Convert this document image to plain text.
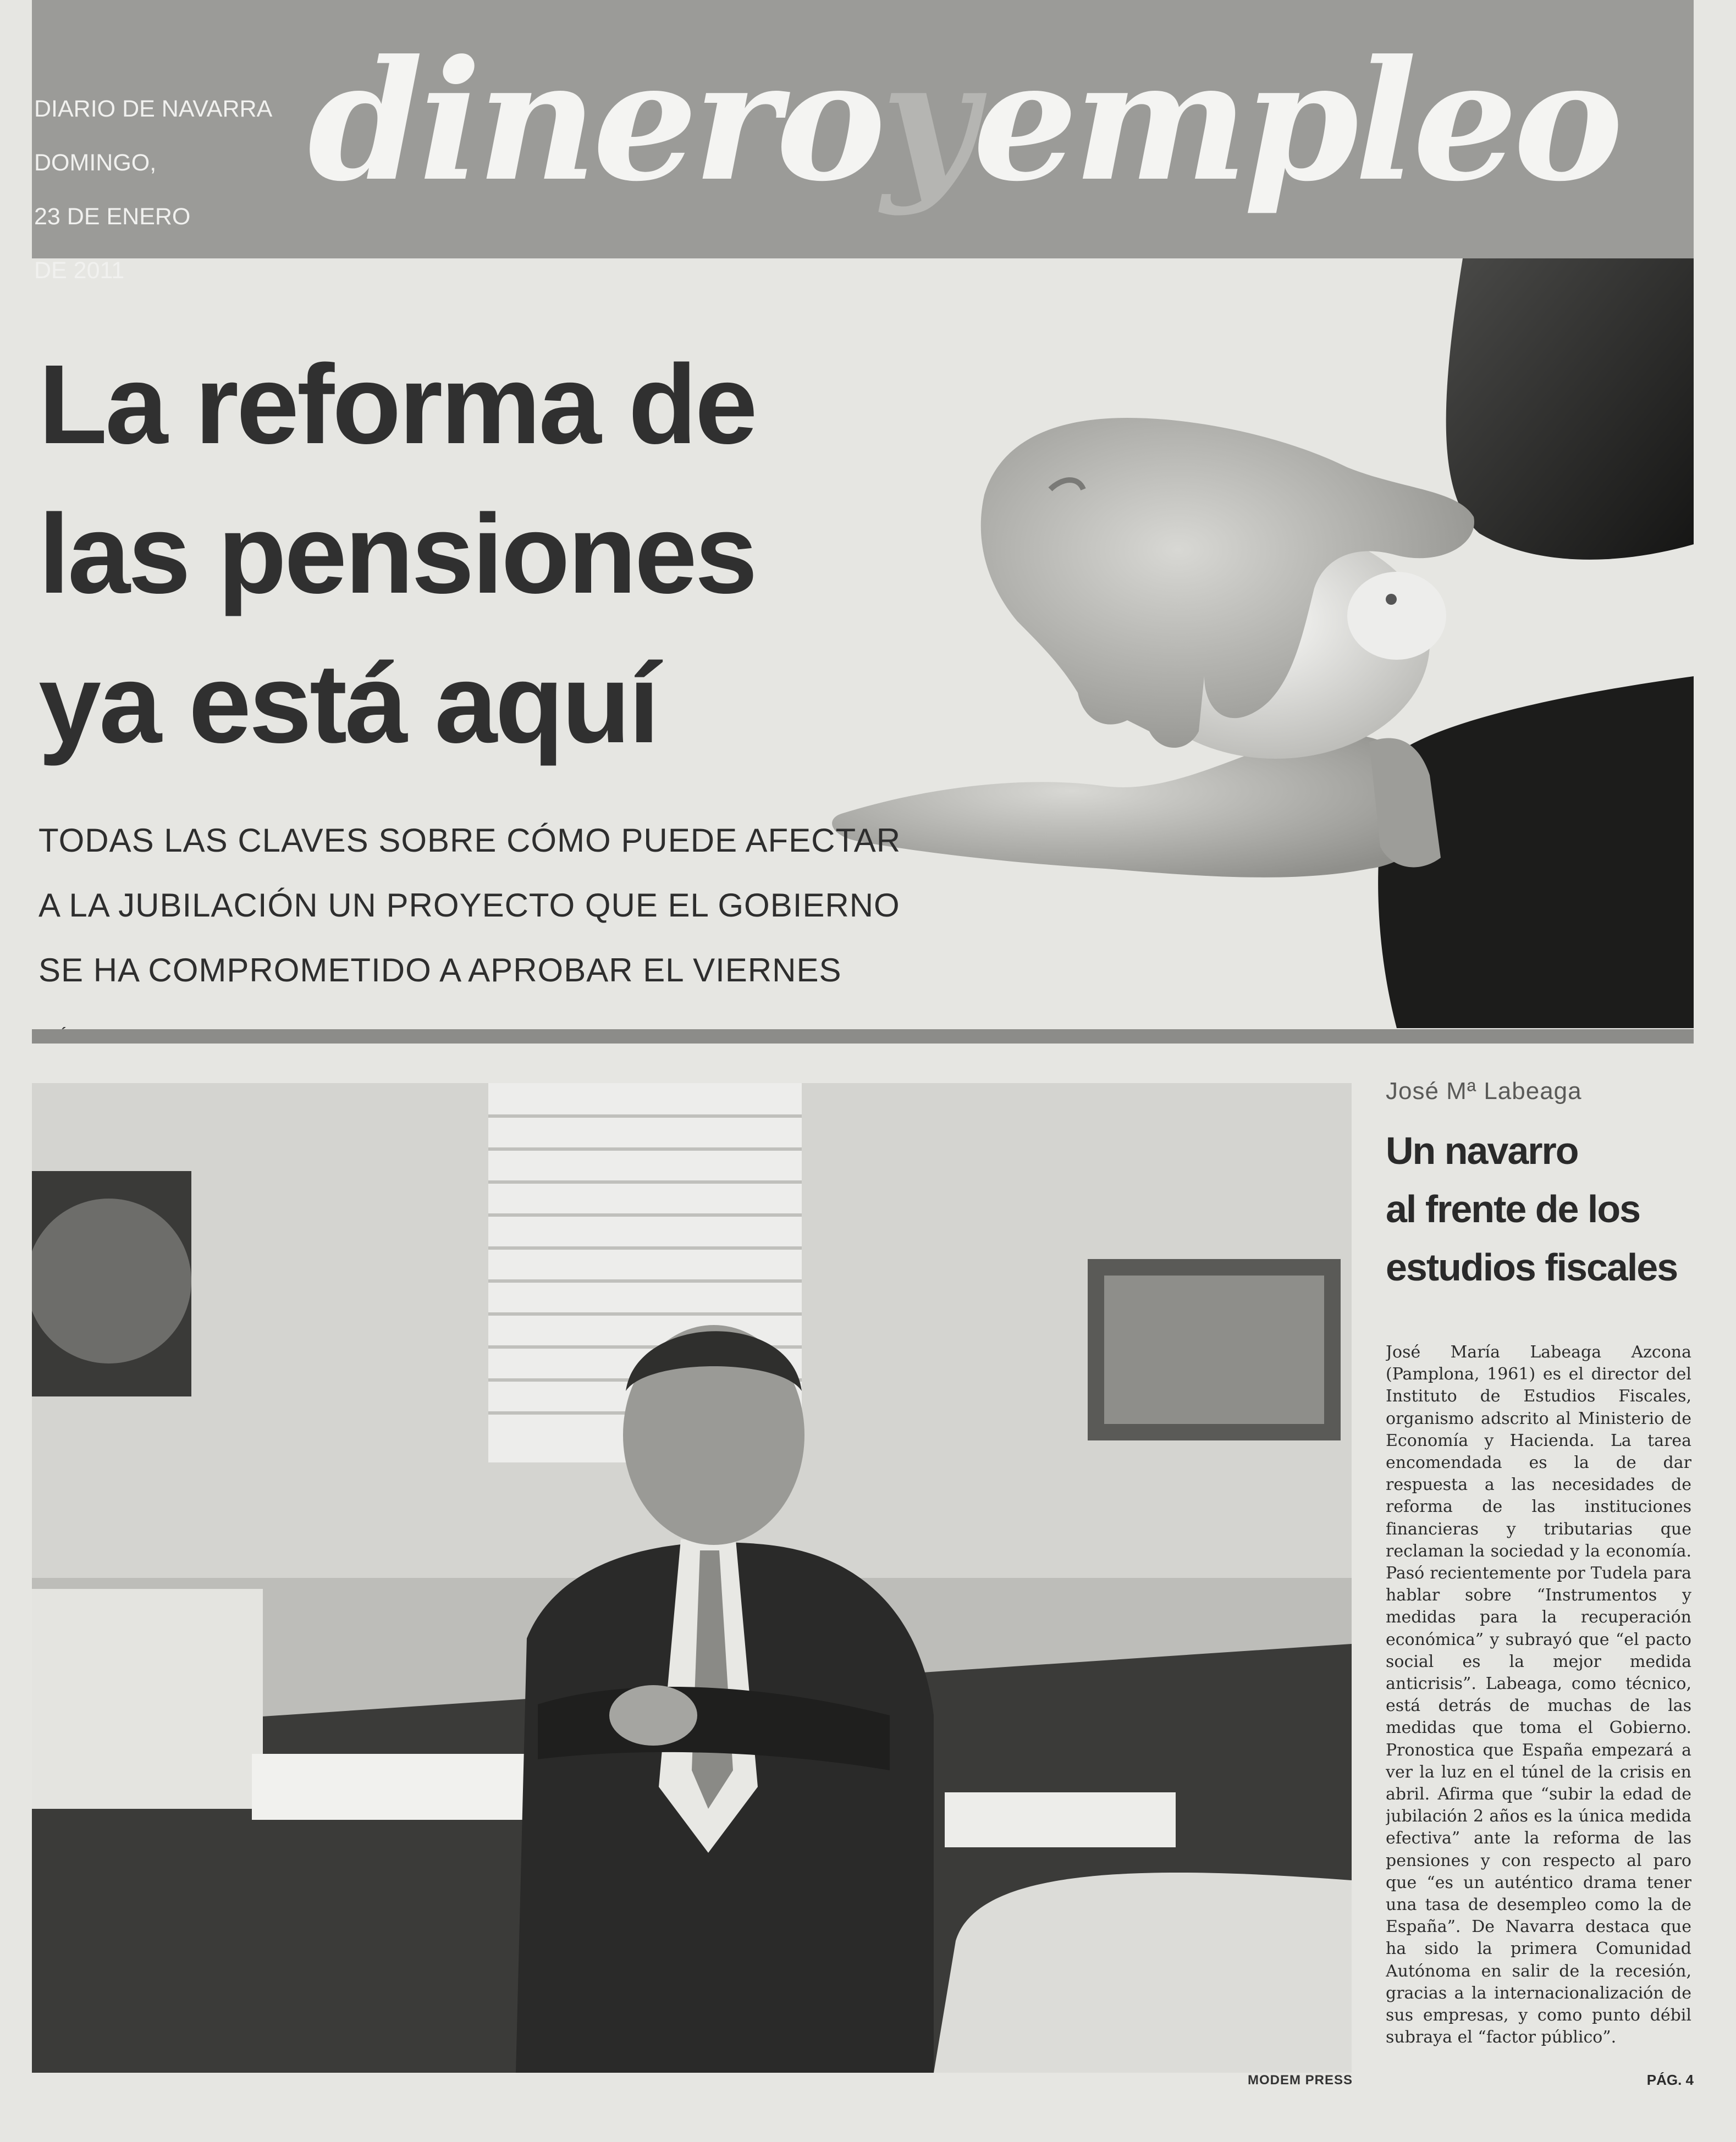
DIARIO DE NAVARRA

DOMINGO,

23 DE ENERO

DE 2011

dineroyempleo
La reforma de
las pensiones
ya está aquí
TODAS LAS CLAVES SOBRE CÓMO PUEDE AFECTAR
A LA JUBILACIÓN UN PROYECTO QUE EL GOBIERNO
SE HA COMPROMETIDO A APROBAR EL VIERNES
MODEM PRESS
José Mª Labeaga
Un navarro
al frente de los
estudios fiscales
José María Labeaga Azcona (Pamplona, 1961) es el director del Instituto de Estudios Fiscales, organismo adscrito al Ministerio de Economía y Hacienda. La tarea encomendada es la de dar respuesta a las necesidades de reforma de las instituciones financieras y tributarias que reclaman la sociedad y la economía. Pasó recientemente por Tudela para hablar sobre “Instrumentos y medidas para la recuperación económica” y subrayó que “el pacto social es la mejor medida anticrisis”. Labeaga, como técnico, está detrás de muchas de las medidas que toma el Gobierno. Pronostica que España empezará a ver la luz en el túnel de la crisis en abril. Afirma que “subir la edad de jubilación 2 años es la única medida efectiva” ante la reforma de las pensiones y con respecto al paro que “es un auténtico drama tener una tasa de desempleo como la de España”. De Navarra destaca que ha sido la primera Comunidad Autónoma en salir de la recesión, gracias a la internacionalización de sus empresas, y como punto débil subraya el “factor público”.
PÁG. 4
